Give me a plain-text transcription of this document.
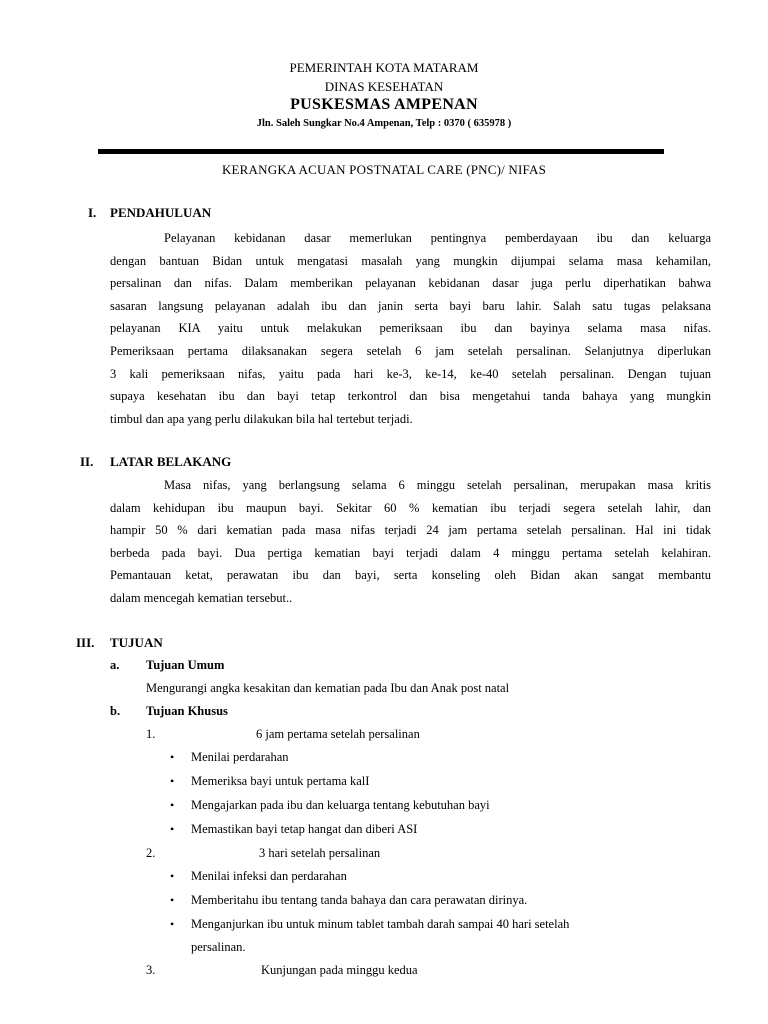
PEMERINTAH KOTA MATARAM
DINAS KESEHATAN
PUSKESMAS AMPENAN
Jln. Saleh Sungkar No.4 Ampenan, Telp : 0370 ( 635978 )
KERANGKA ACUAN POSTNATAL CARE (PNC)/ NIFAS
I. PENDAHULUAN
Pelayanan kebidanan dasar memerlukan pentingnya pemberdayaan ibu dan keluarga
dengan bantuan Bidan untuk mengatasi masalah yang mungkin dijumpai selama masa kehamilan,
persalinan dan nifas. Dalam memberikan pelayanan kebidanan dasar juga perlu diperhatikan bahwa
sasaran langsung pelayanan adalah ibu dan janin serta bayi baru lahir. Salah satu tugas pelaksana
pelayanan KIA yaitu untuk melakukan pemeriksaan ibu dan bayinya selama masa nifas.
Pemeriksaan pertama dilaksanakan segera setelah 6 jam setelah persalinan. Selanjutnya diperlukan
3 kali pemeriksaan nifas, yaitu pada hari ke-3, ke-14, ke-40 setelah persalinan. Dengan tujuan
supaya kesehatan ibu dan bayi tetap terkontrol dan bisa mengetahui tanda bahaya yang mungkin
timbul dan apa yang perlu dilakukan bila hal tertebut terjadi.
II. LATAR BELAKANG
Masa nifas, yang berlangsung selama 6 minggu setelah persalinan, merupakan masa kritis
dalam kehidupan ibu maupun bayi. Sekitar 60 % kematian ibu terjadi segera setelah lahir, dan
hampir 50 % dari kematian pada masa nifas terjadi 24 jam pertama setelah persalinan. Hal ini tidak
berbeda pada bayi. Dua pertiga kematian bayi terjadi dalam 4 minggu pertama setelah kelahiran.
Pemantauan ketat, perawatan ibu dan bayi, serta konseling oleh Bidan akan sangat membantu
dalam mencegah kematian tersebut..
III. TUJUAN
a. Tujuan Umum
Mengurangi angka kesakitan dan kematian pada Ibu dan Anak post natal
b. Tujuan Khusus
1.	6 jam pertama setelah persalinan
• Menilai perdarahan
• Memeriksa bayi untuk pertama kalI
• Mengajarkan pada ibu dan keluarga tentang kebutuhan bayi
• Memastikan bayi tetap hangat dan diberi ASI
2.	3 hari setelah persalinan
• Menilai infeksi dan perdarahan
• Memberitahu ibu tentang tanda bahaya dan cara perawatan dirinya.
• Menganjurkan ibu untuk minum tablet tambah darah sampai 40 hari setelah
persalinan.
3.	Kunjungan pada minggu kedua
